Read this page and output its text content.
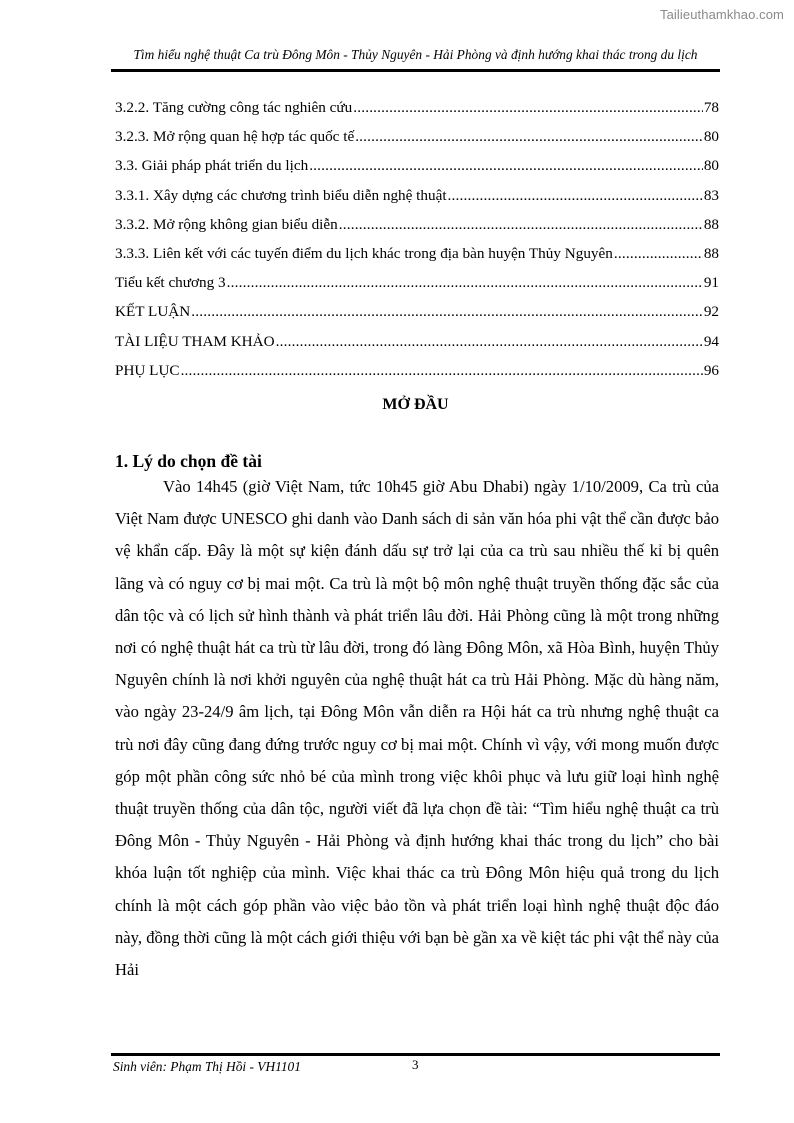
Tailieuthamkhao.com
Tìm hiểu nghệ thuật Ca trù Đông Môn - Thủy Nguyên - Hải Phòng và định hướng khai thác trong du lịch
3.2.2. Tăng cường công tác nghiên cứu .....	78
3.2.3. Mở rộng quan hệ hợp tác quốc tế .....	80
3.3. Giải pháp phát triển du lịch .....	80
3.3.1. Xây dựng các chương trình biểu diễn nghệ thuật .....	83
3.3.2. Mở rộng không gian biểu diễn .....	88
3.3.3. Liên kết với các tuyến điểm du lịch khác trong địa bàn huyện Thủy Nguyên .....	88
Tiểu kết chương 3 .....	91
KẾT LUẬN .....	92
TÀI LIỆU THAM KHẢO .....	94
PHỤ LỤC .....	96
MỞ ĐẦU
1. Lý do chọn đề tài
Vào 14h45 (giờ Việt Nam, tức 10h45 giờ Abu Dhabi) ngày 1/10/2009, Ca trù của Việt Nam được UNESCO ghi danh vào Danh sách di sản văn hóa phi vật thể cần được bảo vệ khẩn cấp. Đây là một sự kiện đánh dấu sự trở lại của ca trù sau nhiều thế kỉ bị quên lãng và có nguy cơ bị mai một. Ca trù là một bộ môn nghệ thuật truyền thống đặc sắc của dân tộc và có lịch sử hình thành và phát triển lâu đời. Hải Phòng cũng là một trong những nơi có nghệ thuật hát ca trù từ lâu đời, trong đó làng Đông Môn, xã Hòa Bình, huyện Thủy Nguyên chính là nơi khởi nguyên của nghệ thuật hát ca trù Hải Phòng. Mặc dù hàng năm, vào ngày 23-24/9 âm lịch, tại Đông Môn vẫn diễn ra Hội hát ca trù nhưng nghệ thuật ca trù nơi đây cũng đang đứng trước nguy cơ bị mai một. Chính vì vậy, với mong muốn được góp một phần công sức nhỏ bé của mình trong việc khôi phục và lưu giữ loại hình nghệ thuật truyền thống của dân tộc, người viết đã lựa chọn đề tài: “Tìm hiểu nghệ thuật ca trù Đông Môn - Thủy Nguyên - Hải Phòng và định hướng khai thác trong du lịch” cho bài khóa luận tốt nghiệp của mình. Việc khai thác ca trù Đông Môn hiệu quả trong du lịch chính là một cách góp phần vào việc bảo tồn và phát triển loại hình nghệ thuật độc đáo này, đồng thời cũng là một cách giới thiệu với bạn bè gần xa về kiệt tác phi vật thể này của Hải
Sinh viên: Phạm Thị Hồi - VH1101	3
